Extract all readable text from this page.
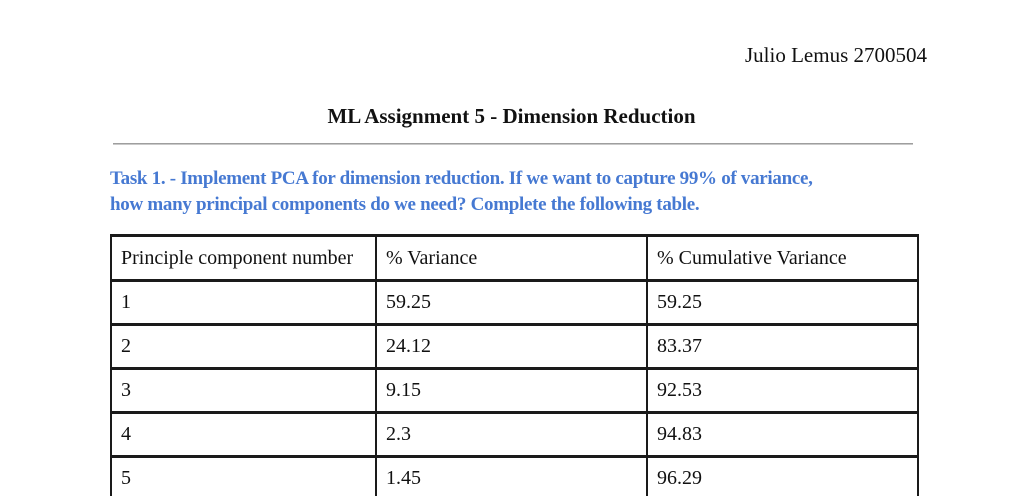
Julio Lemus 2700504
ML Assignment 5 - Dimension Reduction
Task 1. - Implement PCA for dimension reduction. If we want to capture 99% of variance,
how many principal components do we need? Complete the following table.
Principle component number	% Variance	% Cumulative Variance
1	59.25	59.25
2	24.12	83.37
3	9.15	92.53
4	2.3	94.83
5	1.45	96.29
